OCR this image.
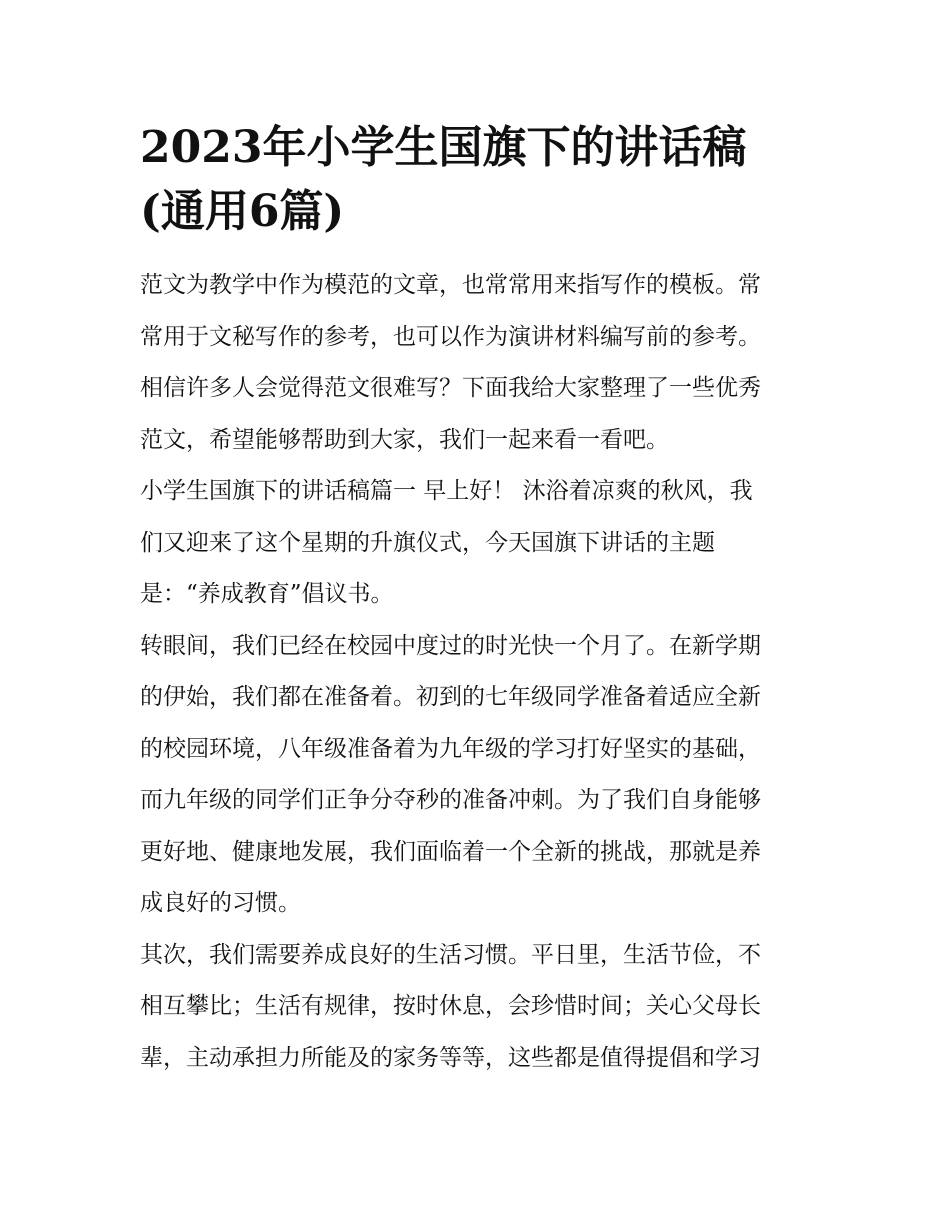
2023年小学生国旗下的讲话稿
(通用6篇)

范文为教学中作为模范的文章，也常常用来指写作的模板。常
常用于文秘写作的参考，也可以作为演讲材料编写前的参考。
相信许多人会觉得范文很难写？下面我给大家整理了一些优秀
范文，希望能够帮助到大家，我们一起来看一看吧。

小学生国旗下的讲话稿篇一 早上好！ 沐浴着凉爽的秋风，我
们又迎来了这个星期的升旗仪式，今天国旗下讲话的主题
是：“养成教育”倡议书。

转眼间，我们已经在校园中度过的时光快一个月了。在新学期
的伊始，我们都在准备着。初到的七年级同学准备着适应全新
的校园环境，八年级准备着为九年级的学习打好坚实的基础，
而九年级的同学们正争分夺秒的准备冲刺。为了我们自身能够
更好地、健康地发展，我们面临着一个全新的挑战，那就是养
成良好的习惯。

其次，我们需要养成良好的生活习惯。平日里，生活节俭，不
相互攀比；生活有规律，按时休息，会珍惜时间；关心父母长
辈，主动承担力所能及的家务等等，这些都是值得提倡和学习
